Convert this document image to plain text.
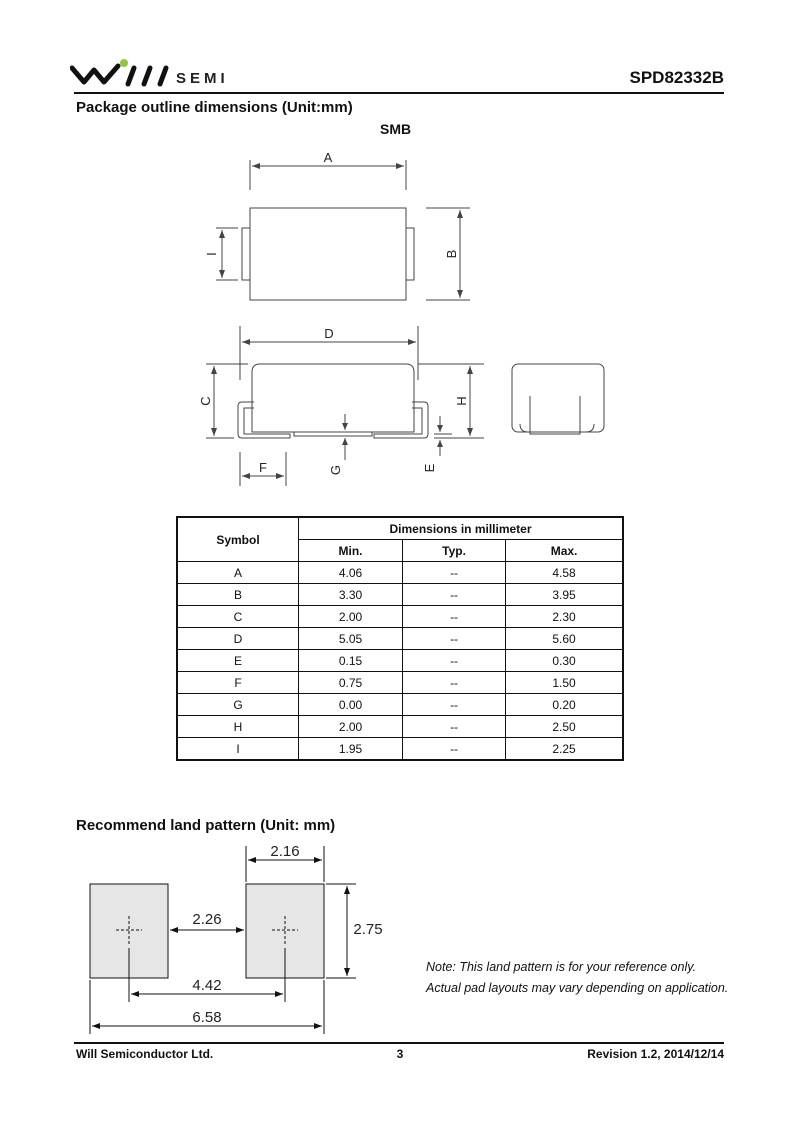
SEMI	SPD82332B
Package outline dimensions (Unit:mm)
SMB
A
B
I
D
C	H
E
G
F
Symbol	Dimensions in millimeter		
	Min.	Typ.	Max.
A	4.06	--	4.58
B	3.30	--	3.95
C	2.00	--	2.30
D	5.05	--	5.60
E	0.15	--	0.30
F	0.75	--	1.50
G	0.00	--	0.20
H	2.00	--	2.50
I	1.95	--	2.25
Recommend land pattern (Unit: mm)
2.16
2.26
2.75
4.42
6.58
Note: This land pattern is for your reference only.
Actual pad layouts may vary depending on application.
Will Semiconductor Ltd.	3	Revision 1.2, 2014/12/14
